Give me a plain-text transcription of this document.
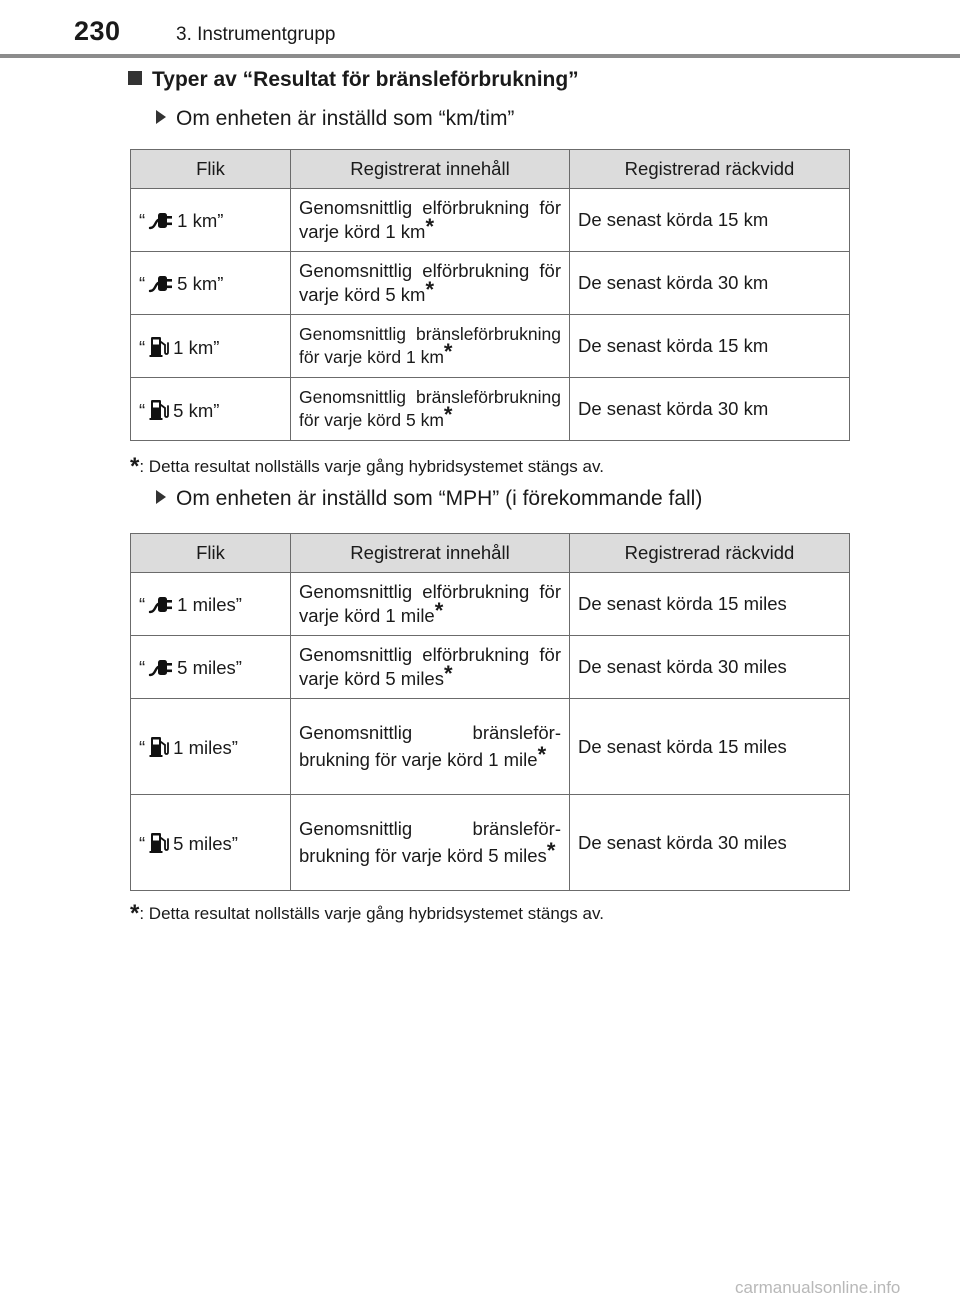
230	3. Instrumentgrupp
Typer av “Resultat för bränsleförbrukning”
Om enheten är inställd som “km/tim”
Flik	Registrerat innehåll	Registrerad räckvidd
“ 1 km”	Genomsnittlig elförbrukning för varje körd 1 km*	De senast körda 15 km
“ 5 km”	Genomsnittlig elförbrukning för varje körd 5 km*	De senast körda 30 km
“ 1 km”	Genomsnittlig bränsleförbrukning för varje körd 1 km*	De senast körda 15 km
“ 5 km”	Genomsnittlig bränsleförbrukning för varje körd 5 km*	De senast körda 30 km
*: Detta resultat nollställs varje gång hybridsystemet stängs av.
Om enheten är inställd som “MPH” (i förekommande fall)
Flik	Registrerat innehåll	Registrerad räckvidd
“ 1 miles”	Genomsnittlig elförbrukning för varje körd 1 mile*	De senast körda 15 miles
“ 5 miles”	Genomsnittlig elförbrukning för varje körd 5 miles*	De senast körda 30 miles
“ 1 miles”	Genomsnittlig bränsleförbrukning för varje körd 1 mile*	De senast körda 15 miles
“ 5 miles”	Genomsnittlig bränsleförbrukning för varje körd 5 miles*	De senast körda 30 miles
*: Detta resultat nollställs varje gång hybridsystemet stängs av.
carmanualsonline.info
